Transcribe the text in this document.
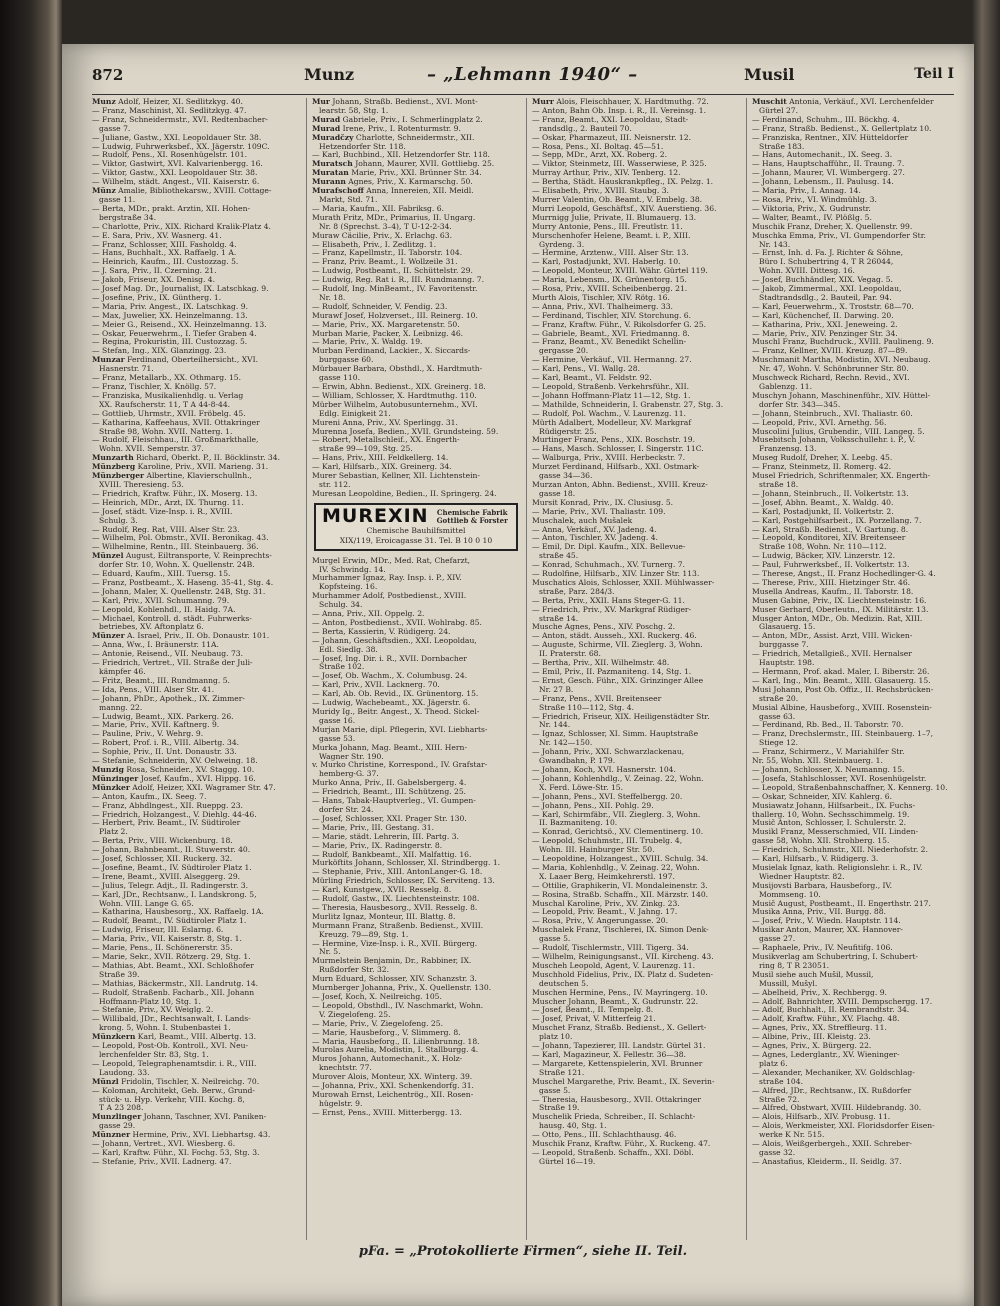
872	Munz	– „Lehmann 1940“ –	Musil	Teil I

Munz Adolf, Heizer, XI. Sedlitzkyg. 40.

— Franz, Maschinist, XI. Sedlitzkyg. 47.

— Franz, Schneidermstr., XVI. Redtenbacher-

gasse 7.

— Juliane, Gastw., XXI. Leopoldauer Str. 38.

— Ludwig, Fuhrwerksbef., XX. Jägerstr. 109C.

— Rudolf, Pens., XI. Rosenhügelstr. 101.

— Viktor, Gastwirt, XVI. Kalvarienbergg. 16.

— Viktor, Gastw., XXI. Leopoldauer Str. 38.

— Wilhelm, städt. Angest., VII. Kaiserstr. 6.

Münz Amalie, Bibliothekarsw., XVIII. Cottage-

gasse 11.

— Berta, MDr., prakt. Ärztin, XII. Hohen-

bergstraße 34.

— Charlotte, Priv., XIX. Richard Kralik-Platz 4.

— E. Sara, Priv., XV. Wasnerg. 41.

— Franz, Schlosser, XIII. Fasholdg. 4.

— Hans, Buchhalt., XX. Raffaelg. 1 A.

— Heinrich, Kaufm., III. Custozzag. 5.

— J. Sara, Priv., II. Czerning. 21.

— Jakob, Friseur, XX. Denisg. 4.

— Josef Mag. Dr., Journalist, IX. Latschkag. 9.

— Josefine, Priv., IX. Güntherg. 1.

— Maria, Priv. Angest., IX. Latschkag. 9.

— Max, Juwelier, XX. Heinzelmanng. 13.

— Meier G., Reisend., XX. Heinzelmanng. 13.

— Oskar, Feuerwehrm., I. Tiefer Graben 4.

— Regina, Prokuristin, III. Custozzag. 5.

— Stefan, Ing., XIX. Glanzingg. 23.

Munzar Ferdinand, Oberteilhersicht., XVI.

Hasnerstr. 71.

— Franz, Metallarb., XX. Othmarg. 15.

— Franz, Tischler, X. Knöllg. 57.

— Franziska, Musikalienhdlg. u. Verlag

XX. Raufscherstr. 11, T A 44-8-44.

— Gottlieb, Uhrmstr., XVII. Fröbelg. 45.

— Katharina, Kaffeehaus, XVII. Ottakringer

Straße 98, Wohn. XVII. Natterg. 1.

— Rudolf, Fleischhau., III. Großmarkthalle,

Wohn. XVII. Semperstr. 37.

Munzarth Richard, Oberkt. P., II. Böcklinstr. 34.

Münzberg Karoline, Priv., XVII. Marieng. 31.

Münzberger Albertine, Klavierschullnh.,

XVIII. Theresieng. 53.

— Friedrich, Kraftw. Führ., IX. Moserg. 13.

— Heinrich, MDr., Arzt, IX. Thurng. 11.

— Josef, städt. Vize-Insp. i. R., XVIII.

Schulg. 3.

— Rudolf, Reg. Rat, VIII. Alser Str. 23.

— Wilhelm, Pol. Obmstr., XVII. Beronikag. 43.

— Wilhelmine, Rentn., III. Steinbauerg. 36.

Münzel August, Eiltransporte, V. Reinprechts-

dorfer Str. 10, Wohn. X. Quellenstr. 24B.

— Eduard, Kaufm., XIII. Tuersg. 15.

— Franz, Postbeamt., X. Haseng. 35-41, Stg. 4.

— Johann, Maler, X. Quellenstr. 24B, Stg. 31.

— Karl, Priv., XVII. Schumanng. 79.

— Leopold, Kohlenhdl., II. Haidg. 7A.

— Michael, Kontroll. d. städt. Fuhrwerks-

betriebes, XV. Aftonplatz 6.

Münzer A. Israel, Priv., II. Ob. Donaustr. 101.

— Anna, Ww., I. Bräunerstr. 11A.

— Antonie, Reisend., VII. Neubaug. 73.

— Friedrich, Vertret., VII. Straße der Juli-

kämpfer 46.

— Fritz, Beamt., III. Rundmanng. 5.

— Ida, Pens., VIII. Alser Str. 41.

— Johann, PhDr., Apothek., IX. Zimmer-

manng. 22.

— Ludwig, Beamt., XIX. Parkerg. 26.

— Marie, Priv., XVII. Kaftnerg. 9.

— Pauline, Priv., V. Wehrg. 9.

— Robert, Prof. i. R., VIII. Albertg. 34.

— Sophie, Priv., II. Unt. Donaustr. 33.

— Stefanie, Schneiderin, XV. Oelweing. 18.

Munzig Rosa, Schneider., XV. Staggg. 10.

Münzinger Josef, Kaufm., XVI. Hippg. 16.

Münzker Adolf, Heizer, XXI. Wagramer Str. 47.

— Anton, Kaufm., IX. Seeg. 7.

— Franz, Abhdlngest., XII. Rueppg. 23.

— Friedrich, Holzangest., V. Diehlg. 44-46.

— Herbert, Priv. Beamt., IV. Südtiroler

Platz 2.

— Berta, Priv., VIII. Wickenburg. 18.

— Johann, Bahnbeamt., II. Stuwerstr. 40.

— Josef, Schlosser, XII. Ruckerg. 32.

— Josefine, Beamt., IV. Südtiroler Platz 1.

— Irene, Beamt., XVIII. Alseggerg. 29.

— Julius, Telegr. Adjt., II. Radingerstr. 3.

— Karl, JDr., Rechtsanw., I. Landskrong. 5,

Wohn. VIII. Lange G. 65.

— Katharina, Hausbesorg., XX. Raffaelg. 1A.

— Rudolf, Beamt., IV. Südtiroler Platz 1.

— Ludwig, Friseur, III. Eslarng. 6.

— Maria, Priv., VII. Kaiserstr. 8, Stg. 1.

— Marie, Pens., II. Schönererstr. 35.

— Marie, Sekr., XVII. Rötzerg. 29, Stg. 1.

— Mathias, Abt. Beamt., XXI. Schloßhofer

Straße 39.

— Mathias, Bäckermstr., XII. Landrutg. 14.

— Rudolf, Straßenb. Facharb., XII. Johann

Hoffmann-Platz 10, Stg. 1.

— Stefanie, Priv., XV. Weiglg. 2.

— Willibald, JDr., Rechtsanwalt, I. Lands-

krong. 5, Wohn. I. Stubenbastei 1.

Münzkern Karl, Beamt., VIII. Albertg. 13.

— Leopold, Post-Ob. Kontroll., XVI. Neu-

lerchenfelder Str. 83, Stg. 1.

— Leopold, Telegraphenamtsdir. i. R., VIII.

Laudong. 33.

Münzl Fridolin, Tischler, X. Neilreichg. 70.

— Koloman, Architekt, Geb. Berw., Grund-

stück- u. Hyp. Verkehr, VIII. Kochg. 8,

T A 23 208.

Munzlinger Johann, Taschner, XVI. Paniken-

gasse 29.

Münzner Hermine, Priv., XVI. Liebhartsg. 43.

— Johann, Vertret., XVI. Wiesberg. 6.

— Karl, Kraftw. Führ., XI. Fochg. 53, Stg. 3.

— Stefanie, Priv., XVII. Ladnerg. 47.

Mur Johann, Straßb. Bedienst., XVI. Mont-

learstr. 58, Stg. 1.

Murad Gabriele, Priv., I. Schmerlingplatz 2.

Murad Irene, Priv., I. Rotenturmstr. 9.

Muradčzy Charlotte, Schneidermstr., XII.

Hetzendorfer Str. 118.

— Karl, Buchbind., XII. Hetzendorfer Str. 118.

Muratsch Johann, Maurer, XVII. Gottliebg. 25.

Muratan Marie, Priv., XXI. Brünner Str. 34.

Murann Agnes, Priv., X. Karmarschg. 50.

Murafschoff Anna, Innereien, XII. Meidl.

Markt, Std. 71.

— Maria, Kaufm., XII. Fabriksg. 6.

Murath Fritz, MDr., Primarius, II. Ungarg.

Nr. 8 (Sprechst. 3–4), T U-12-2-34.

Muraw Cäcilie, Priv., X. Erlachg. 63.

— Elisabeth, Priv., I. Zedlitzg. 1.

— Franz, Kapellmstr., II. Taborstr. 104.

— Franz, Priv. Beamt., I. Wollzeile 31.

— Ludwig, Postbeamt., II. Schüttelstr. 29.

— Ludwig, Reg. Rat i. R., III. Rundmanng. 7.

— Rudolf, Ing. MinBeamt., IV. Favoritenstr.

Nr. 18.

— Rudolf, Schneider, V. Fendig. 23.

Murawf Josef, Holzverset., III. Reinerg. 10.

— Marie, Priv., XX. Margaretenstr. 50.

Murban Marie, Packer, X. Leibnizg. 46.

— Marie, Priv., X. Waldg. 19.

Murban Ferdinand, Lackier., X. Siccards-

burggasse 60.

Mürbauer Barbara, Obsthdl., X. Hardtmuth-

gasse 110.

— Erwin, Abhn. Bedienst., XIX. Greinerg. 18.

— William, Schlosser, X. Hardtmuthg. 110.

Mürber Wilhelm, Autobusunternehm., XVI.

Edlg. Einigkeit 21.

Mureni Anna, Priv., XV. Sperlingg. 31.

Murenna Josefa, Bedien., XVII. Grundsteing. 59.

— Robert, Metallschleif., XX. Engerth-

straße 99—109, Stg. 25.

— Hans, Priv., XIII. Feldkellerg. 14.

— Karl, Hilfsarb., XIX. Greinerg. 34.

Murer Sebastian, Kellner, XII. Lichtenstein-

str. 112.

Muresan Leopoldine, Bedien., II. Springerg. 24.

MUREXIN Chemische Fabrik
Gottlieb & Forster
Chemische Bauhilfsmittel
XIX/119, Eroicagasse 31. Tel. B 10 0 10

Murgel Erwin, MDr., Med. Rat, Chefarzt,

IV. Schwindg. 14.

Murhammer Ignaz, Ray. Insp. i. P., XIV.

Kopfsteing. 16.

Murhammer Adolf, Postbedienst., XVIII.

Schulg. 34.

— Anna, Priv., XII. Oppelg. 2.

— Anton, Postbedienst., XVII. Wohlrabg. 85.

— Berta, Kassierin, V. Rüdigerg. 24.

— Johann, Geschäftsdien., XXI. Leopoldau,

Edl. Siedlg. 38.

— Josef, Ing. Dir. i. R., XVII. Dornbacher

Straße 102.

— Josef, Ob. Wachm., X. Columbusg. 24.

— Karl, Priv., XVII. Lacknerg. 70.

— Karl, Ab. Ob. Revid., IX. Grünentorg. 15.

— Ludwig, Wachebeamt., XX. Jägerstr. 6.

Muridy Ig., Beitr. Angest., X. Theod. Sickel-

gasse 16.

Murjan Marie, dipl. Pflegerin, XVI. Liebharts-

gasse 53.

Murka Johann, Mag. Beamt., XIII. Hern-

Wagner Str. 190.

v. Murko Christine, Korrespond., IV. Grafstar-

hemberg-G. 37.

Murko Anna, Priv., II. Gabelsbergerg. 4.

— Friedrich, Beamt., III. Schützeng. 25.

— Hans, Tabak-Hauptverleg., VI. Gumpen-

dorfer Str. 24.

— Josef, Schlosser, XXI. Prager Str. 130.

— Marie, Priv., III. Gestang. 31.

— Marie, städt. Lehrerin, III. Partg. 3.

— Marie, Priv., IX. Radingerstr. 8.

— Rudolf, Bankbeamt., XII. Malfattig. 16.

Murköftits Johann, Schlosser, XI. Strindbergg. 1.

— Stephanie, Priv., XIII. AntonLanger-G. 18.

Mürling Friedrich, Schlosser, IX. Serviteng. 13.

— Karl, Kunstgew., XVII. Resselg. 8.

— Rudolf, Gastw., IX. Liechtensteinstr. 108.

— Theresia, Hausbesorg., XVII. Resselg. 8.

Murlitz Ignaz, Monteur, III. Blattg. 8.

Murmann Franz, Straßenb. Bedienst., XVIII.

Kreuzg. 79—89, Stg. 1.

— Hermine, Vize-Insp. i. R., XVII. Bürgerg.

Nr. 5.

Murmelstein Benjamin, Dr., Rabbiner, IX.

Rußdorfer Str. 32.

Murn Eduard, Schlosser, XIV. Schanzstr. 3.

Murnberger Johanna, Priv., X. Quellenstr. 130.

— Josef, Koch, X. Neilreichg. 105.

— Leopold, Obsthdl., IV. Naschmarkt, Wohn.

V. Ziegelofeng. 25.

— Marie, Priv., V. Ziegelofeng. 25.

— Marie, Hausbeforg., V. Slimmerg. 8.

— Maria, Hausbeforg., II. Lilienbrunng. 18.

Murolas Aurelia, Modistin, I. Stallburgg. 4.

Muros Johann, Automechanit., X. Holz-

knechtstr. 77.

Murover Alois, Monteur, XX. Winterg. 39.

— Johanna, Priv., XXI. Schenkendorfg. 31.

Murowah Ernst, Leichentrög., XII. Rosen-

hügelstr. 9.

— Ernst, Pens., XVIII. Mitterbergg. 13.

Murr Alois, Fleischhauer, X. Hardtmuthg. 72.

— Anton, Bahn Ob. Insp. i. R., II. Vereinsg. 1.

— Franz, Beamt., XXI. Leopoldau, Stadt-

randsdlg., 2. Bauteil 70.

— Oskar, Pharmazeut, III. Neisnerstr. 12.

— Rosa, Pens., XI. Boltag. 45—51.

— Sepp, MDr., Arzt, XX. Roberg. 2.

— Viktor, Steinmetz, III. Wasserwiese, P. 325.

Murray Arthur, Priv., XIV. Tenberg. 12.

— Bertha, Städt. Hauskrankpfleg., IX. Pelzg. 1.

— Elisabeth, Priv., XVIII. Staubg. 3.

Murrer Valentin, Ob. Beamt., V. Embelg. 38.

Murri Leopold, Geschäftsf., XIV. Auerstieng. 36.

Murrnigg Julie, Private, II. Blumauerg. 13.

Murry Antonie, Pens., III. Freutlstr. 11.

Murschenhofer Helene, Beamt. i. P., XIII.

Gyrdeng. 3.

— Hermine, Arztenw., VIII. Alser Str. 13.

— Karl, Postadjunkt, XVI. Haberlg. 10.

— Leopold, Monteur, XVIII. Währ. Gürtel 119.

— Maria, Lebensm., IX. Grünentorg. 15.

— Rosa, Priv., XVIII. Scheibenbergg. 21.

Murth Alois, Tischler, XIV. Rötg. 16.

— Anna, Priv., XVI. Thalheimerg. 33.

— Ferdinand, Tischler, XIV. Storchung. 6.

— Franz, Kraftw. Führ., V. Rikolsdorfer G. 25.

— Gabriele, Beamt., XVI. Friedmanng. 8.

— Franz, Beamt., XV. Benedikt Schellin-

gergasse 20.

— Hermine, Verkäuf., VII. Hermanng. 27.

— Karl, Pens., VI. Wallg. 28.

— Karl, Beamt., VI. Feldstr. 92.

— Leopold, Straßenb. Verkehrsführ., XII.

— Johann Hoffmann-Platz 11—12, Stg. 1.

— Mathilde, Schneiderin, I. Grabenstr. 27, Stg. 3.

— Rudolf, Pol. Wachm., V. Laurenzg. 11.

Mürth Adalbert, Modelleur, XV. Markgraf

Rüdigerstr. 25.

Murtinger Franz, Pens., XIX. Boschstr. 19.

— Hans, Masch. Schlosser, I. Singerstr. 11C.

— Walburga, Priv., XVIII. Herbeckstr. 7.

Murzet Ferdinand, Hilfsarb., XXI. Ostmark-

gasse 34—36.

Murzan Anton, Abhn. Bedienst., XVIII. Kreuz-

gasse 18.

Mursit Konrad, Priv., IX. Clusiusg. 5.

— Marie, Priv., XVI. Thaliastr. 109.

Muschalek, auch Mušalek

— Anna, Verkäuf., XV. Jadeng. 4.

— Anton, Tischler, XV. Jadeng. 4.

— Emil, Dr. Dipl. Kaufm., XIX. Bellevue-

straße 45.

— Konrad, Schuhmach., XV. Turnerg. 7.

— Rudolfine, Hilfsarb., XIV. Linzer Str. 113.

Muschatics Alois, Schlosser, XXII. Mühlwasser-

straße, Parz. 284/3.

— Berta, Priv., XXII. Hans Steger-G. 11.

— Friedrich, Priv., XV. Markgraf Rüdiger-

straße 14.

Musche Agnes, Pens., XIV. Poschg. 2.

— Anton, städt. Ausseh., XXI. Ruckerg. 46.

— Auguste, Schirme, VII. Zieglerg. 3, Wohn.

II. Praterstr. 68.

— Bertha, Priv., XII. Wilhelmstr. 48.

— Emil, Priv., II. Pazmaniteng. 14, Stg. 1.

— Ernst, Gesch. Führ., XIX. Grinzinger Allee

Nr. 27 B.

— Franz, Pens., XVII. Breitenseer

Straße 110—112, Stg. 4.

— Friedrich, Friseur, XIX. Heiligenstädter Str.

Nr. 144.

— Ignaz, Schlosser, XI. Simm. Hauptstraße

Nr. 142—150.

— Johann, Priv., XXI. Schwarzlackenau,

Gwandbahn, P. 179.

— Johann, Koch, XVI. Hasnerstr. 104.

— Johann, Kohlenhdlg., V. Zeinag. 22, Wohn.

X. Ferd. Löwe-Str. 15.

— Johann, Pens., XVI. Steffelbergg. 20.

— Johann, Pens., XII. Pohlg. 29.

— Karl, Schirmfäbr., VII. Zieglerg. 3, Wohn.

II. Bazmaniteng. 10.

— Konrad, Gerichtsö., XV. Clementinerg. 10.

— Leopold, Schuhmstr., III. Trubelg. 4,

Wohn. III. Hainburger Str. 50.

— Leopoldine, Holzangest., XVIII. Schulg. 34.

— Maria, Kohlenhdlg., V. Zeinag. 22, Wohn.

X. Laaer Berg, Heimkehrerstl. 197.

— Ottilie, Graphikerin, VI. Mondaleinenstr. 3.

— Rosina, Straßb. Schaffn., XII. Märzstr. 140.

Muschal Karoline, Priv., XV. Zinkg. 23.

— Leopold, Priv. Beamt., V. Jahng. 17.

— Rosa, Priv., V. Angerungasse. 20.

Muschalek Franz, Tischlerei, IX. Simon Denk-

gasse 5.

— Rudolf, Tischlermstr., VIII. Tigerg. 34.

— Wilhelm, Reinigungsanst., VII. Kircheng. 43.

Muscheh Leopold, Agent, V. Laurenzg. 11.

Muschhold Fidelius, Priv., IX. Platz d. Sudeten-

deutschen 5.

Muschen Hermine, Pens., IV. Mayringerg. 10.

Muscher Johann, Beamt., X. Gudrunstr. 22.

— Josef, Beamt., II. Tempelg. 8.

— Josef, Privat, V. Mitterfeig 21.

Muschet Franz, Straßb. Bedienst., X. Gellert-

platz 10.

— Johann, Tapezierer, III. Landstr. Gürtel 31.

— Karl, Magazineur, X. Fellestr. 36—38.

— Margarete, Kettenspielerin, XVI. Brunner

Straße 121.

Muschel Margarethe, Priv. Beamt., IX. Severin-

gasse 5.

— Theresia, Hausbesorg., XVII. Ottakringer

Straße 19.

Muschelik Frieda, Schreiber., II. Schlacht-

hausg. 40, Stg. 1.

— Otto, Pens., III. Schlachthausg. 46.

Muschik Franz, Kraftw. Führ., X. Ruckeng. 47.

— Leopold, Straßenb. Schaffn., XXI. Döbl.

Gürtel 16—19.

Muschit Antonia, Verkäuf., XVI. Lerchenfelder

Gürtel 27.

— Ferdinand, Schuhm., III. Böckhg. 4.

— Franz, Straßb. Bedienst., X. Gellertplatz 10.

— Franziska, Rentner., XIV. Hütteldorfer

Straße 183.

— Hans, Automechanit., IX. Seeg. 3.

— Hans, Hauptschafführ., II. Traung. 7.

— Johann, Maurer, VI. Wimbergerg. 27.

— Johann, Lebensm., II. Paulusg. 14.

— Maria, Priv., I. Annag. 14.

— Rosa, Priv., VI. Windmühlg. 3.

— Viktoria, Priv., X. Gudrunstr.

— Walter, Beamt., IV. Plößlg. 5.

Muschik Franz, Dreher, X. Quellenstr. 99.

Muschka Emma, Priv., VI. Gumpendorfer Str.

Nr. 143.

— Ernst, Inh. d. Fa. J. Richter & Söhne,

Büro I. Schubertring 4, T R 26044,

Wohn. XVIII. Dittesg. 16.

— Josef, Buchhändler, XIX. Vegag. 5.

— Jakob, Zimmermal., XXI. Leopoldau,

Stadtrandsdlg., 2. Bauteil, Par. 94.

— Karl, Feuerwehrm., X. Troststr. 68—70.

— Karl, Küchenchef, II. Darwing. 20.

— Katharina, Priv., XXI. Jeneweing. 2.

— Marie, Priv., XIV. Penzinger Str. 34.

Muschl Franz, Buchdruck., XVIII. Paulineng. 9.

— Franz, Kellner, XVIII. Kreuzg. 87—89.

Muschmanit Martha, Modistin, XVI. Neubaug.

Nr. 47, Wohn. V. Schönbrunner Str. 80.

Muschweck Richard, Rechn. Revid., XVI.

Gablenzg. 11.

Muschyn Johann, Maschinenführ., XIV. Hüttel-

dorfer Str. 343—345.

— Johann, Steinbruch., XVI. Thaliastr. 60.

— Leopold, Priv., XVI. Arnethg. 56.

Muscolini Julius, Grubendir., VIII. Langeg. 5.

Musebitsch Johann, Volksschullehr. i. P., V.

Franzensg. 13.

Museg Rudolf, Dreher, X. Leebg. 45.

— Franz, Steinmetz, II. Romerg. 42.

Musel Friedrich, Schriftenmaler, XX. Engerth-

straße 18.

— Johann, Steinbruch., II. Volkertstr. 13.

— Josef, Abhn. Beamt., X. Waldg. 40.

— Karl, Postadjunkt, II. Volkertstr. 2.

— Karl, Postgehilfsarbeit., IX. Porzellang. 7.

— Karl, Straßb. Bedienst., V. Gartung. 8.

— Leopold, Konditorei, XIV. Breitenseer

Straße 108, Wohn. Nr. 110—112.

— Ludwig, Bäcker, XIV. Linzerstr. 12.

— Paul, Fuhrwerksbef., II. Volkertstr. 13.

— Therese, Angst., II. Franz Hochedlinger-G. 4.

— Therese, Priv., XIII. Hietzinger Str. 46.

Musella Andreas, Kaufm., II. Taborstr. 18.

Musen Gabine, Priv., IX. Liechtensteinstr. 16.

Muser Gerhard, Oberleutn., IX. Militärstr. 13.

Musger Anton, MDr., Ob. Medizin. Rat, XIII.

Glasauerg. 15.

— Anton, MDr., Assist. Arzt, VIII. Wicken-

burggasse 7.

— Friedrich, Metallgieß., XVII. Hernalser

Hauptstr. 198.

— Hermann, Prof. akad. Maler, I. Biberstr. 26.

— Karl, Ing., Min. Beamt., XIII. Glasauerg. 15.

Musi Johann, Post Ob. Offiz., II. Rechsbrücken-

straße 20.

Musial Albine, Hausbeforg., XVIII. Rosenstein-

gasse 63.

— Ferdinand, Rb. Bed., II. Taborstr. 70.

— Franz, Drechslermstr., III. Steinbauerg. 1–7,

Stiege 12.

— Franz, Schirmerz., V. Mariahilfer Str.

Nr. 55, Wohn. XII. Steinbauerg. 1.

— Johann, Schlosser, X. Neumanng. 15.

— Josefa, Stahlschlosser, XVI. Rosenhügelstr.

— Leopold, Straßenbahnschaffner, X. Kennerg. 10.

— Oskar, Schneider, XIV. Kahlerg. 6.

Musiawatz Johann, Hilfsarbeit., IX. Fuchs-

thallerg. 10, Wohn. Sechsschimmelg. 19.

Musič Anton, Schlosser, I. Schulerstr. 2.

Musikl Franz, Messerschmied, VII. Linden-

gasse 58, Wohn. XII. Strohberg. 15.

— Friedrich, Schuhmstr., XII. Niederhofstr. 2.

— Karl, Hilfsarb., V. Rüdigerg. 3.

Musielak Ignaz, kath. Religionslehr. i. R., IV.

Wiedner Hauptstr. 82.

Musijovsti Barbara, Hausbeforg., IV.

Mommseng. 10.

Musič August, Postbeamt., II. Engerthstr. 217.

Musika Anna, Priv., VII. Burgg. 88.

— Josef, Priv., V. Wiedn. Hauptstr. 114.

Musikar Anton, Maurer, XX. Hannover-

gasse 27.

— Raphaele, Priv., IV. Neufitifg. 106.

Musikverlag am Schubertring, I. Schubert-

ring 8, T R 23051.

Musil siehe auch Mušil, Mussil,

Mussill, Mušyl.

— Abelheid, Priv., X. Rechbergg. 9.

— Adolf, Bahnrichter, XVIII. Dempschergg. 17.

— Adolf, Buchhalt., II. Rembrandtstr. 34.

— Adolf, Kraftw. Führ., XV. Flachg. 48.

— Agnes, Priv., XX. Streffleurg. 11.

— Albine, Priv., III. Kleistg. 23.

— Agnes, Priv., X. Bürgerg. 22.

— Agnes, Lederglantr., XV. Wieninger-

platz 6.

— Alexander, Mechaniker, XV. Goldschlag-

straße 104.

— Alfred, JDr., Rechtsanw., IX. Rußdorfer

Straße 72.

— Alfred, Obstwart, XVIII. Hildebrandg. 30.

— Alois, Hilfsarb., XIV. Probusg. 11.

— Alois, Werkmeister, XXI. Floridsdorfer Eisen-

werke K Nr. 515.

— Alois, Weißgerbergeh., XXII. Schreber-

gasse 32.

— Anastafius, Kleiderm., II. Seidlg. 37.

pFa. = „Protokollierte Firmen“, siehe II. Teil.
